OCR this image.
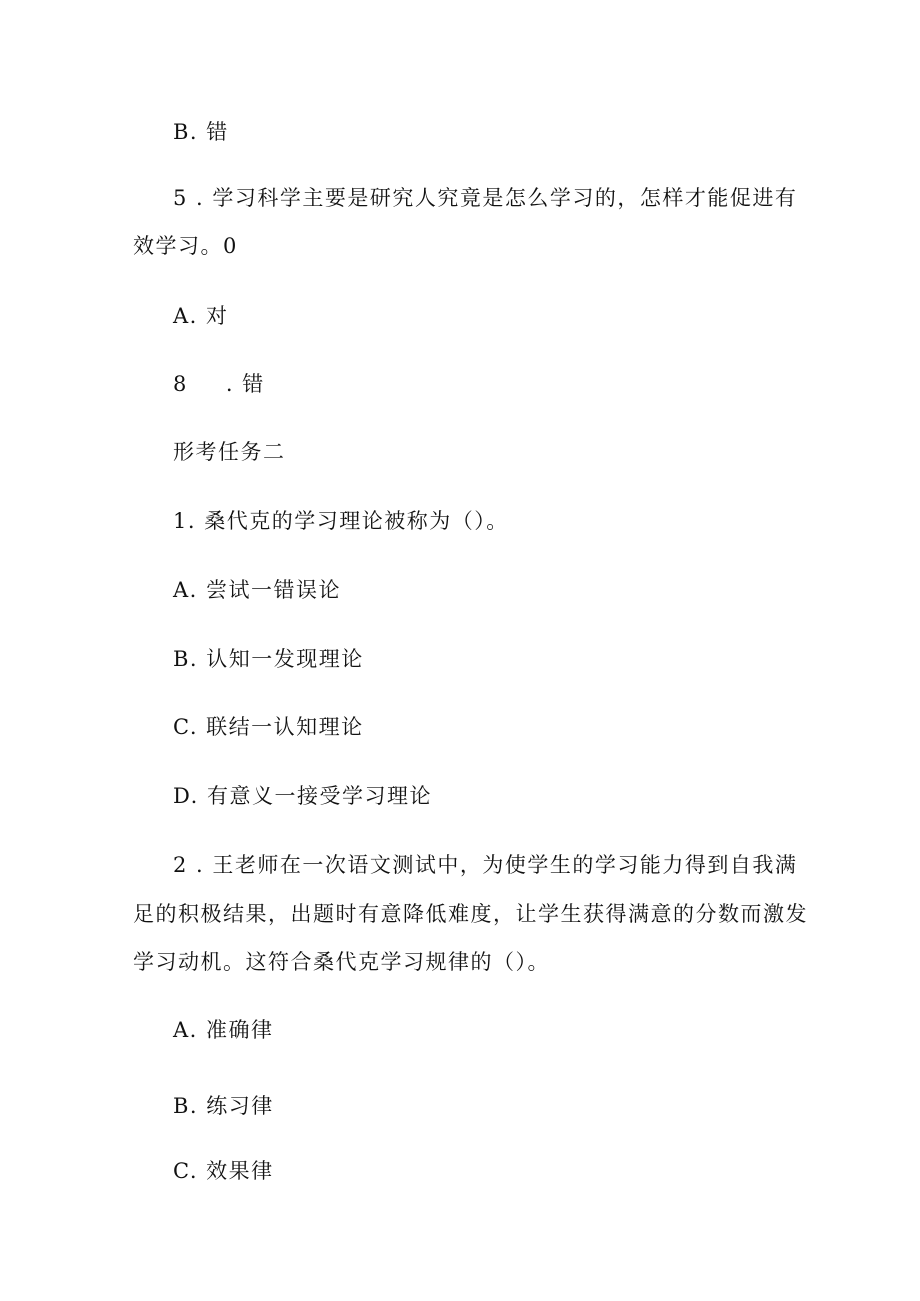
B. 错
5 . 学习科学主要是研究人究竟是怎么学习的，怎样才能促进有
效学习。0
A. 对
8 . 错
形考任务二
1. 桑代克的学习理论被称为（）。
A. 尝试一错误论
B. 认知一发现理论
C. 联结一认知理论
D. 有意义一接受学习理论
2 . 王老师在一次语文测试中，为使学生的学习能力得到自我满
足的积极结果，出题时有意降低难度，让学生获得满意的分数而激发
学习动机。这符合桑代克学习规律的（）。
A. 准确律
B. 练习律
C. 效果律
